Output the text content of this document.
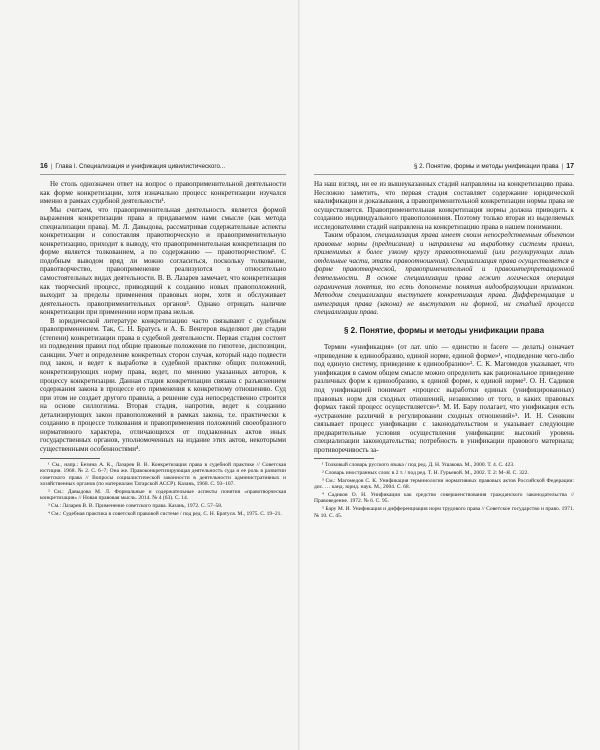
16 | Глава I. Специализация и унификация цивилистического...

Не столь однозначен ответ на вопрос о правоприменительной деятельности как форме конкретизации, хотя изначально процесс конкретизации изучался именно в рамках судебной деятельности¹.

Мы считаем, что правоприменительная деятельность является формой выражения конкретизации права в придаваемом нами смысле (как метода специализации права). М. Л. Давыдова, рассматривая содержательные аспекты конкретизации и сопоставляя правотворческую и правоприменительную конкретизацию, приходит к выводу, что правоприменительная конкретизация по форме является толкованием, а по содержанию — правотворчеством². С подобным выводом вряд ли можно согласиться, поскольку толкование, правотворчество, правоприменение реализуются в относительно самостоятельных видах деятельности. В. В. Лазарев замечает, что конкретизация как творческий процесс, приводящий к созданию новых правоположений, выходит за пределы применения правовых норм, хотя и обслуживает деятельность правоприменительных органов³. Однако отрицать наличие конкретизации при применении норм права нельзя.

В юридической литературе конкретизацию часто связывают с судебным правоприменением. Так, С. Н. Братусь и А. Б. Венгеров выделяют две стадии (степени) конкретизации права в судебной деятельности. Первая стадия состоит из подведения правил под общие правовые положения по гипотезе, диспозиции, санкции. Учет и определение конкретных сторон случая, который надо подвести под закон, и ведет к выработке в судебной практике общих положений, конкретизирующих норму права, ведет, по мнению указанных авторов, к процессу конкретизации. Данная стадия конкретизации связана с разъяснением содержания закона в процессе его применения к конкретному отношению. Суд при этом не создает другого правила, а решение суда непосредственно строится на основе силлогизма. Вторая стадия, напротив, ведет к созданию детализирующих закон правоположений в рамках закона, т.е. практически к созданию в процессе толкования и правоприменения положений своеобразного нормативного характера, отличающихся от подзаконных актов иных государственных органов, уполномоченных на издание этих актов, некоторыми существенными особенностями⁴.

¹ См., напр.: Безина А. К., Лазарев В. В. Конкретизация права в судебной практике // Советская юстиция. 1968. № 2. С. 6–7; Она же. Правоконкретизирующая деятельность суда и ее роль в развитии советского права // Вопросы социалистической законности в деятельности административных и хозяйственных органов (по материалам Татарской АССР). Казань, 1968. С. 93–107.

² См.: Давыдова М. Л. Формальные и содержательные аспекты понятия «правотворческая конкретизация» // Новая правовая мысль. 2014. № 4 (63). С. 14.

³ См.: Лазарев В. В. Применение советского права. Казань, 1972. С. 57–58.

⁴ См.: Судебная практика в советской правовой системе / под ред. С. Н. Братуся. М., 1975. С. 19–21.

§ 2. Понятие, формы и методы унификации права | 17

На наш взгляд, ни ее из вышеуказанных стадий направлены на конкретизацию права. Несложно заметить, что первая стадия составляет содержание юридической квалификации и доказывания, а правоприменительной конкретизации нормы права не осуществляется. Правоприменительная конкретизация нормы должна приводить к созданию индивидуального правоположения. Поэтому только вторая из выделяемых исследователями стадий направлена на конкретизацию права в нашем понимании.

Таким образом, специализация права имеет своим непосредственным объектом правовые нормы (предписания) и направлена на выработку системы правил, применимых к более узкому кругу правоотношений (или регулирующих лишь отдельные части, этапы правоотношения). Специализация права осуществляется в форме правотворческой, правоприменительной и правоинтерпретационной деятельности. В основе специализации права лежит логическая операция ограничения понятия, то есть дополнение понятия видообразующим признаком. Методом специализации выступает конкретизация права. Дифференциация и интеграция права (закона) не выступают ни формой, ни стадией процесса специализации права.

§ 2. Понятие, формы и методы унификации права

Термин «унификация» (от лат. unio — единство и facere — делать) означает «приведение к единообразию, единой норме, единой форме»¹, «подведение чего-либо под единую систему, приведение к единообразию»². С. К. Магомедов указывает, что унификация в самом общем смысле можно определить как рациональное приведение различных форм к единообразию, к единой форме, к единой норме³. О. Н. Садиков под унификацией понимает «процесс выработки единых (унифицированных) правовых норм для сходных отношений, независимо от того, в каких правовых формах такой процесс осуществляется»⁴. М. И. Бару полагает, что унификация есть «устранение различий в регулировании сходных отношений»⁵. И. Н. Сенякин связывает процесс унификации с законодательством и указывает следующие предварительные условия осуществления унификации: высокий уровень специализации законодательства; потребность в унификации правового материала; противоречивость за-

¹ Толковый словарь русского языка / под ред. Д. Н. Ушакова. М., 2000. Т. 4. С. 423.

² Словарь иностранных слов: в 2 т. / под ред. Т. Н. Гурьевой. М., 2002. Т. 2: М–Я. С. 322.

³ См.: Магомедов С. К. Унификация терминологии нормативных правовых актов Российской Федерации: дис. … канд. юрид. наук. М., 2004. С. 68.

⁴ Садиков О. Н. Унификация как средство совершенствования гражданского законодательства // Правоведение. 1972. № 6. С. 95.

⁵ Бару М. И. Унификация и дифференциация норм трудового права // Советское государство и право. 1971. № 10. С. 45.
